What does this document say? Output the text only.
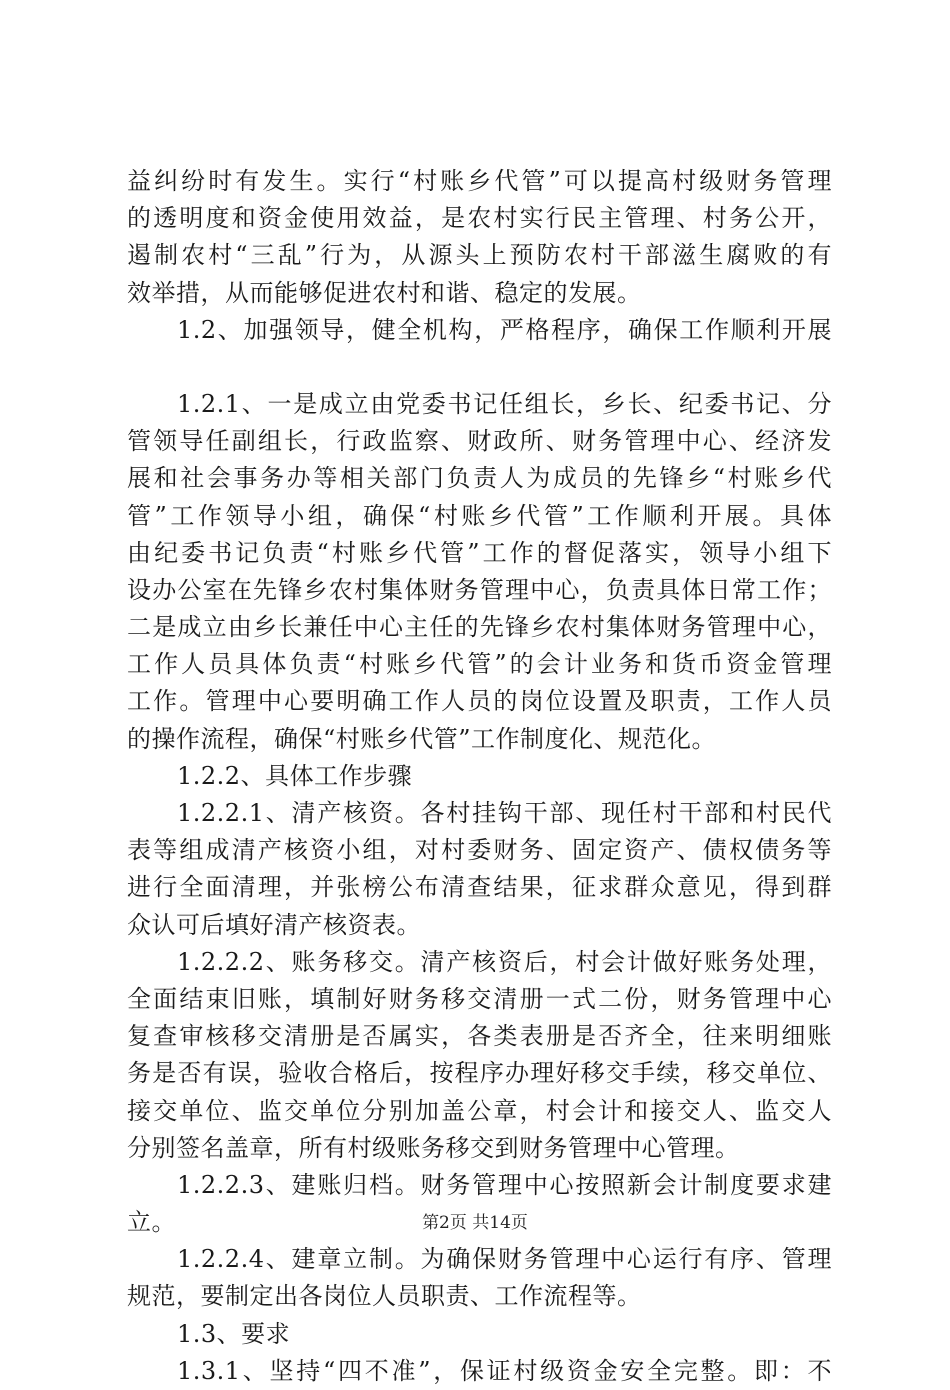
益纠纷时有发生。实行“村账乡代管”可以提高村级财务管理
的透明度和资金使用效益，是农村实行民主管理、村务公开，
遏制农村“三乱”行为，从源头上预防农村干部滋生腐败的有
效举措，从而能够促进农村和谐、稳定的发展。
1.2、加强领导，健全机构，严格程序，确保工作顺利开展
1.2.1、一是成立由党委书记任组长，乡长、纪委书记、分
管领导任副组长，行政监察、财政所、财务管理中心、经济发
展和社会事务办等相关部门负责人为成员的先锋乡“村账乡代
管”工作领导小组，确保“村账乡代管”工作顺利开展。具体
由纪委书记负责“村账乡代管”工作的督促落实，领导小组下
设办公室在先锋乡农村集体财务管理中心，负责具体日常工作；
二是成立由乡长兼任中心主任的先锋乡农村集体财务管理中心，
工作人员具体负责“村账乡代管”的会计业务和货币资金管理
工作。管理中心要明确工作人员的岗位设置及职责，工作人员
的操作流程，确保“村账乡代管”工作制度化、规范化。
1.2.2、具体工作步骤
1.2.2.1、清产核资。各村挂钩干部、现任村干部和村民代
表等组成清产核资小组，对村委财务、固定资产、债权债务等
进行全面清理，并张榜公布清查结果，征求群众意见，得到群
众认可后填好清产核资表。
1.2.2.2、账务移交。清产核资后，村会计做好账务处理，
全面结束旧账，填制好财务移交清册一式二份，财务管理中心
复查审核移交清册是否属实，各类表册是否齐全，往来明细账
务是否有误，验收合格后，按程序办理好移交手续，移交单位、
接交单位、监交单位分别加盖公章，村会计和接交人、监交人
分别签名盖章，所有村级账务移交到财务管理中心管理。
1.2.2.3、建账归档。财务管理中心按照新会计制度要求建
立。
1.2.2.4、建章立制。为确保财务管理中心运行有序、管理
规范，要制定出各岗位人员职责、工作流程等。
1.3、要求
1.3.1、坚持“四不准”，保证村级资金安全完整。即：不
第2页 共14页
